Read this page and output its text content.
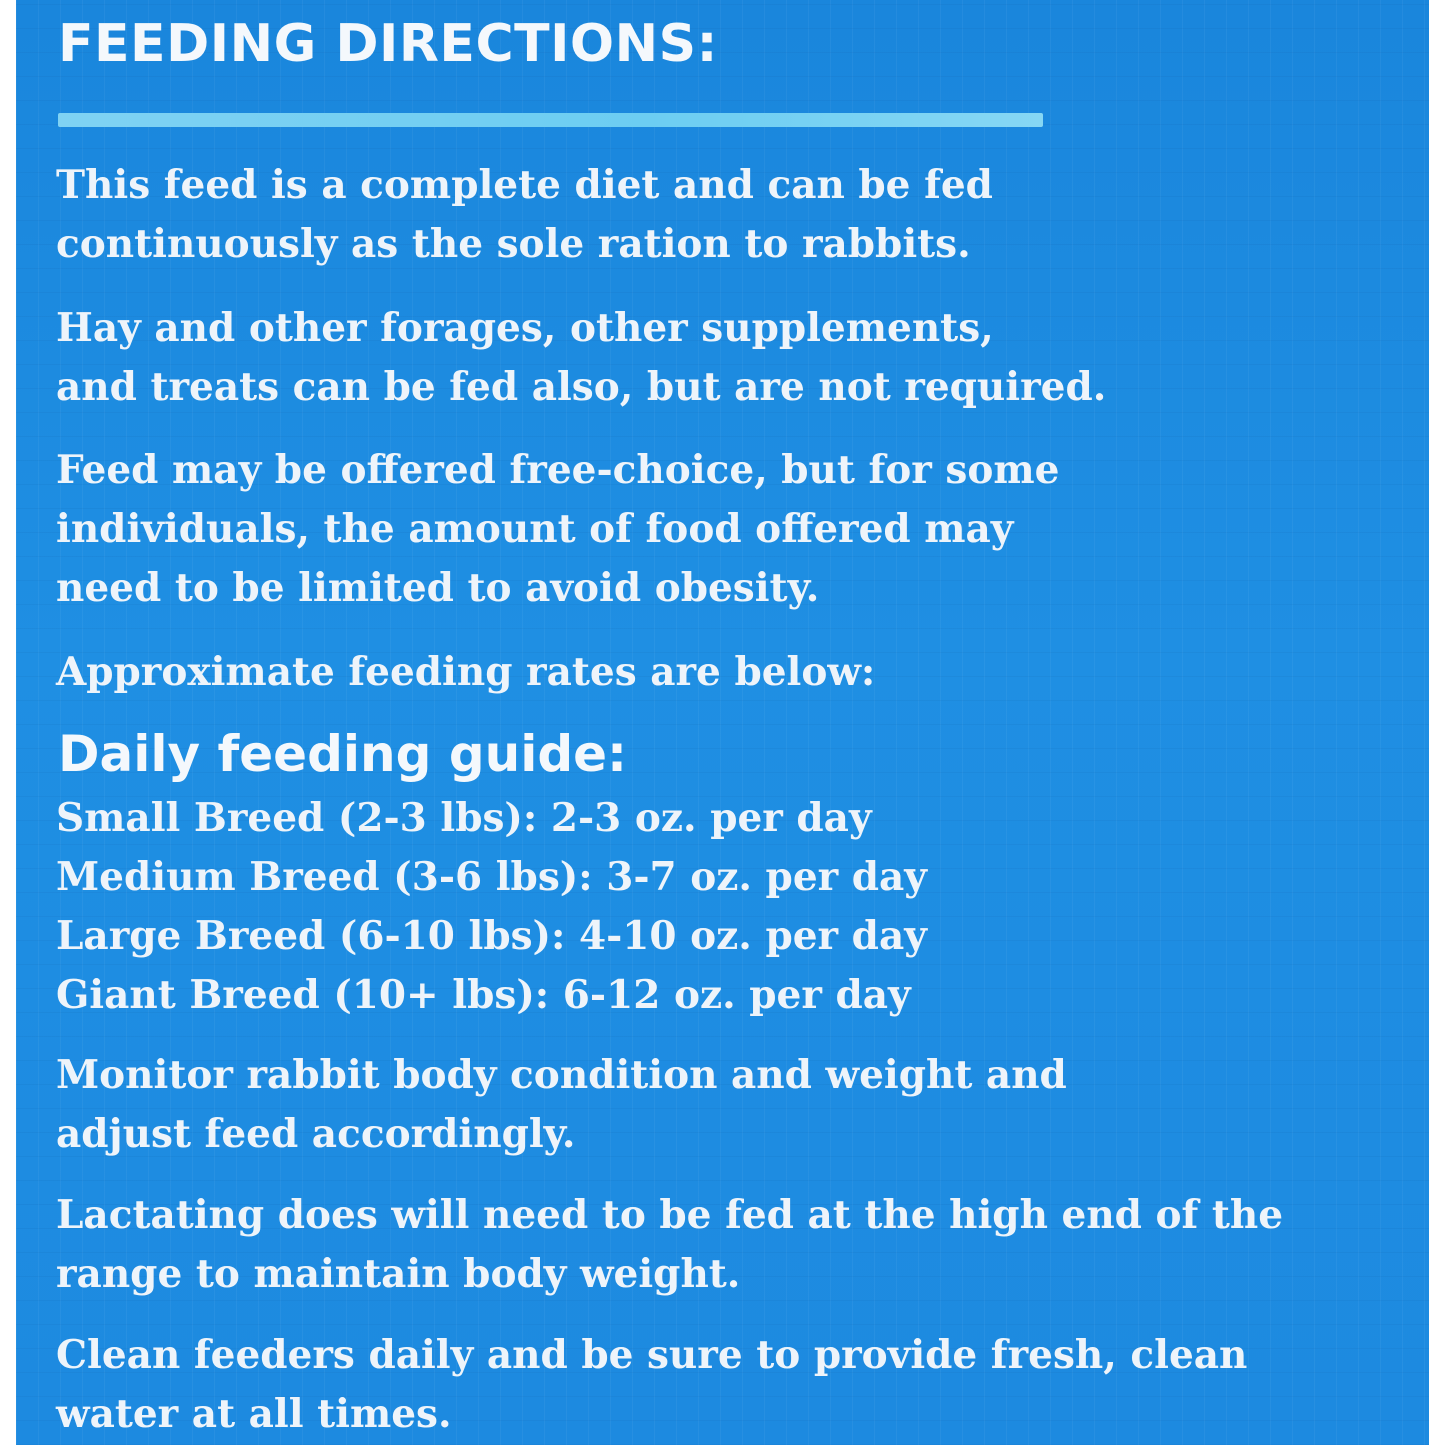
FEEDING DIRECTIONS:

This feed is a complete diet and can be fed
continuously as the sole ration to rabbits.

Hay and other forages, other supplements,
and treats can be fed also, but are not required.

Feed may be offered free-choice, but for some
individuals, the amount of food offered may
need to be limited to avoid obesity.

Approximate feeding rates are below:

Daily feeding guide:
Small Breed (2-3 lbs): 2-3 oz. per day
Medium Breed (3-6 lbs): 3-7 oz. per day
Large Breed (6-10 lbs): 4-10 oz. per day
Giant Breed (10+ lbs): 6-12 oz. per day

Monitor rabbit body condition and weight and
adjust feed accordingly.

Lactating does will need to be fed at the high end of the
range to maintain body weight.

Clean feeders daily and be sure to provide fresh, clean
water at all times.
